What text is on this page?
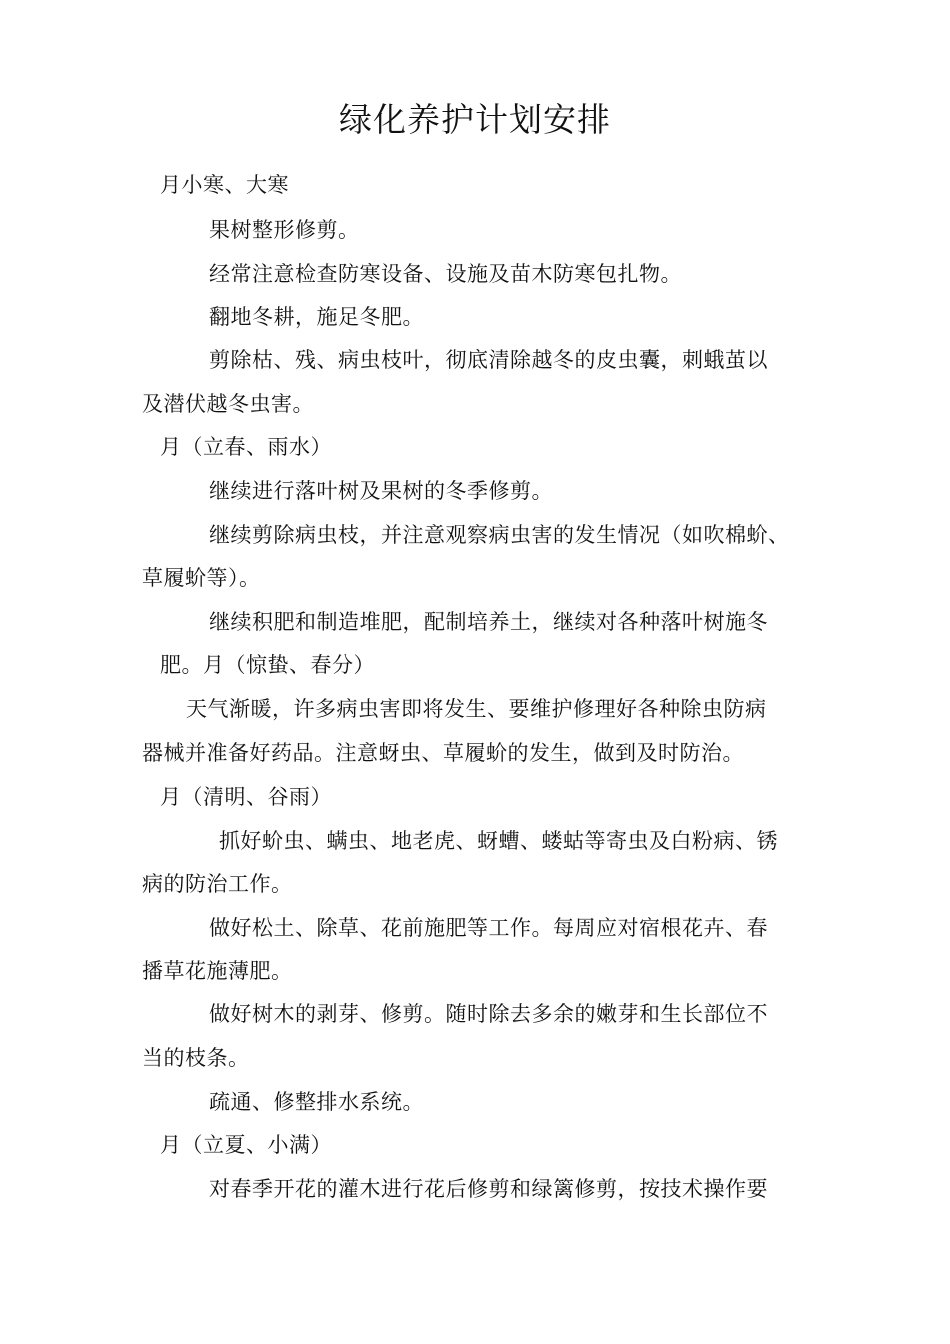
绿化养护计划安排
月小寒、大寒
果树整形修剪。
经常注意检查防寒设备、设施及苗木防寒包扎物。
翻地冬耕，施足冬肥。
剪除枯、残、病虫枝叶，彻底清除越冬的皮虫囊，刺蛾茧以
及潜伏越冬虫害。
月（立春、雨水）
继续进行落叶树及果树的冬季修剪。
继续剪除病虫枝，并注意观察病虫害的发生情况（如吹棉蚧、
草履蚧等）。
继续积肥和制造堆肥，配制培养土，继续对各种落叶树施冬
肥。月（惊蛰、春分）
天气渐暖，许多病虫害即将发生、要维护修理好各种除虫防病
器械并准备好药品。注意蚜虫、草履蚧的发生，做到及时防治。
月（清明、谷雨）
抓好蚧虫、螨虫、地老虎、蚜螬、蝼蛄等寄虫及白粉病、锈
病的防治工作。
做好松土、除草、花前施肥等工作。每周应对宿根花卉、春
播草花施薄肥。
做好树木的剥芽、修剪。随时除去多余的嫩芽和生长部位不
当的枝条。
疏通、修整排水系统。
月（立夏、小满）
对春季开花的灌木进行花后修剪和绿篱修剪，按技术操作要
